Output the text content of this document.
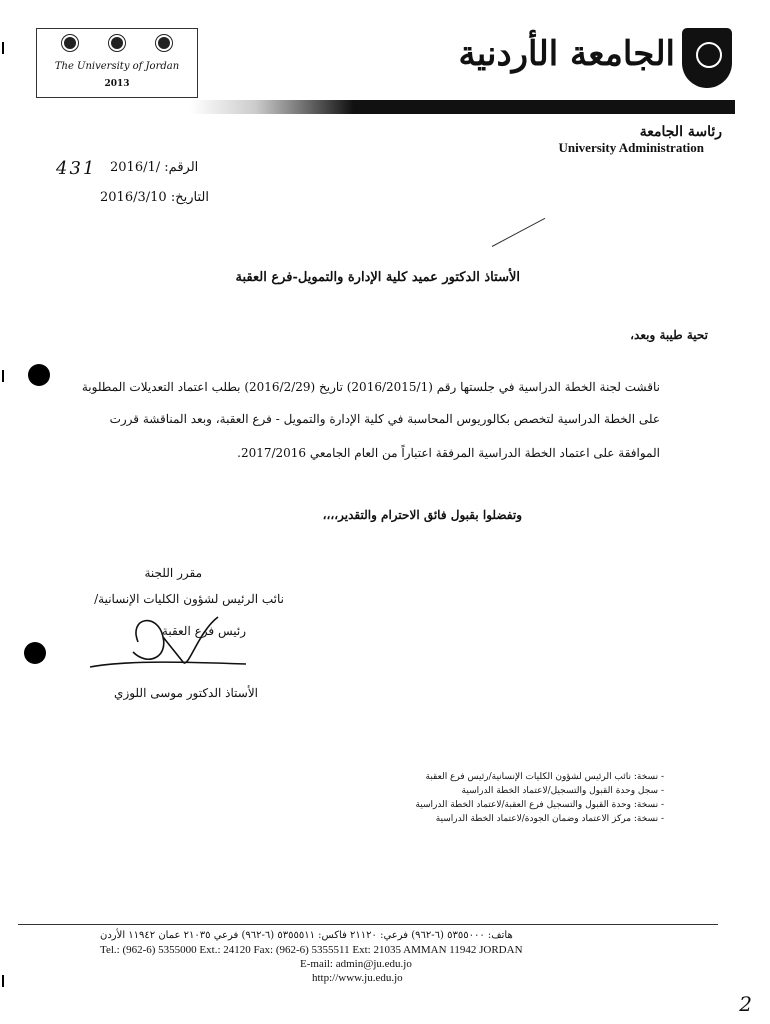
The University of Jordan
2013
الجامعة الأردنية
رئاسة الجامعة
University Administration
431	الرقم: /2016/1
التاريخ: 2016/3/10
الأستاذ الدكتور عميد كلية الإدارة والتمويل-فرع العقبة
تحية طيبة وبعد،
ناقشت لجنة الخطة الدراسية في جلستها رقم (2016/2015/1) تاريخ (2016/2/29) بطلب اعتماد التعديلات المطلوبة
على الخطة الدراسية لتخصص بكالوريوس المحاسبة في كلية الإدارة والتمويل - فرع العقبة، وبعد المناقشة قررت
الموافقة على اعتماد الخطة الدراسية المرفقة اعتباراً من العام الجامعي 2017/2016.
وتفضلوا بقبول فائق الاحترام والتقدير،،،،
مقرر اللجنة
نائب الرئيس لشؤون الكليات الإنسانية/
رئيس فرع العقبة
الأستاذ الدكتور موسى اللوزي
- نسخة: نائب الرئيس لشؤون الكليات الإنسانية/رئيس فرع العقبة
- سجل وحدة القبول والتسجيل/لاعتماد الخطة الدراسية
- نسخة: وحدة القبول والتسجيل فرع العقبة/لاعتماد الخطة الدراسية
- نسخة: مركز الاعتماد وضمان الجودة/لاعتماد الخطة الدراسية
هاتف: ٥٣٥٥٠٠٠ (٦-٩٦٢) فرعي: ٢١١٢٠ فاكس: ٥٣٥٥٥١١ (٦-٩٦٢) فرعي ٢١٠٣٥ عمان ١١٩٤٢ الأردن
Tel.: (962-6) 5355000 Ext.: 24120 Fax: (962-6) 5355511 Ext: 21035 AMMAN 11942 JORDAN
E-mail: admin@ju.edu.jo
http://www.ju.edu.jo
2
